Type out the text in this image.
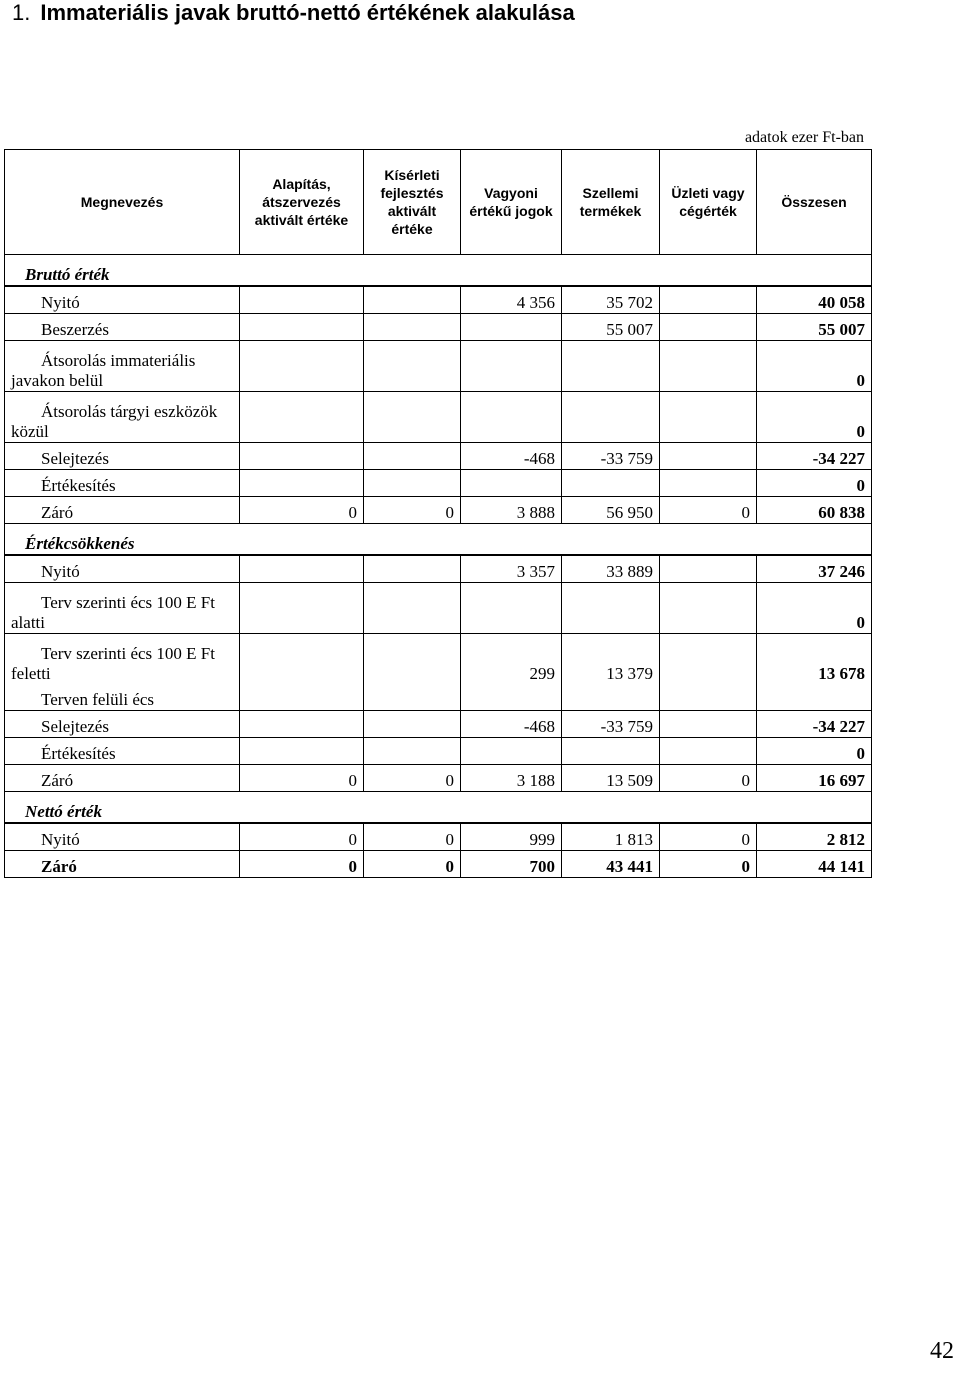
1. Immateriális javak bruttó-nettó értékének alakulása
adatok ezer Ft-ban
Megnevezés	Alapítás, átszervezés aktivált értéke	Kísérleti fejlesztés aktivált értéke	Vagyoni értékű jogok	Szellemi termékek	Üzleti vagy cégérték	Összesen
Bruttó érték						
Nyitó			4 356	35 702		40 058
Beszerzés				55 007		55 007
Átsorolás immateriális javakon belül						0
Átsorolás tárgyi eszközök közül						0
Selejtezés			-468	-33 759		-34 227
Értékesítés						0
Záró	0	0	3 888	56 950	0	60 838
Értékcsökkenés						
Nyitó			3 357	33 889		37 246
Terv szerinti écs 100 E Ft alatti						0
Terv szerinti écs 100 E Ft feletti			299	13 379		13 678
Terven felüli écs						
Selejtezés			-468	-33 759		-34 227
Értékesítés						0
Záró	0	0	3 188	13 509	0	16 697
Nettó érték						
Nyitó	0	0	999	1 813	0	2 812
Záró	0	0	700	43 441	0	44 141
42
